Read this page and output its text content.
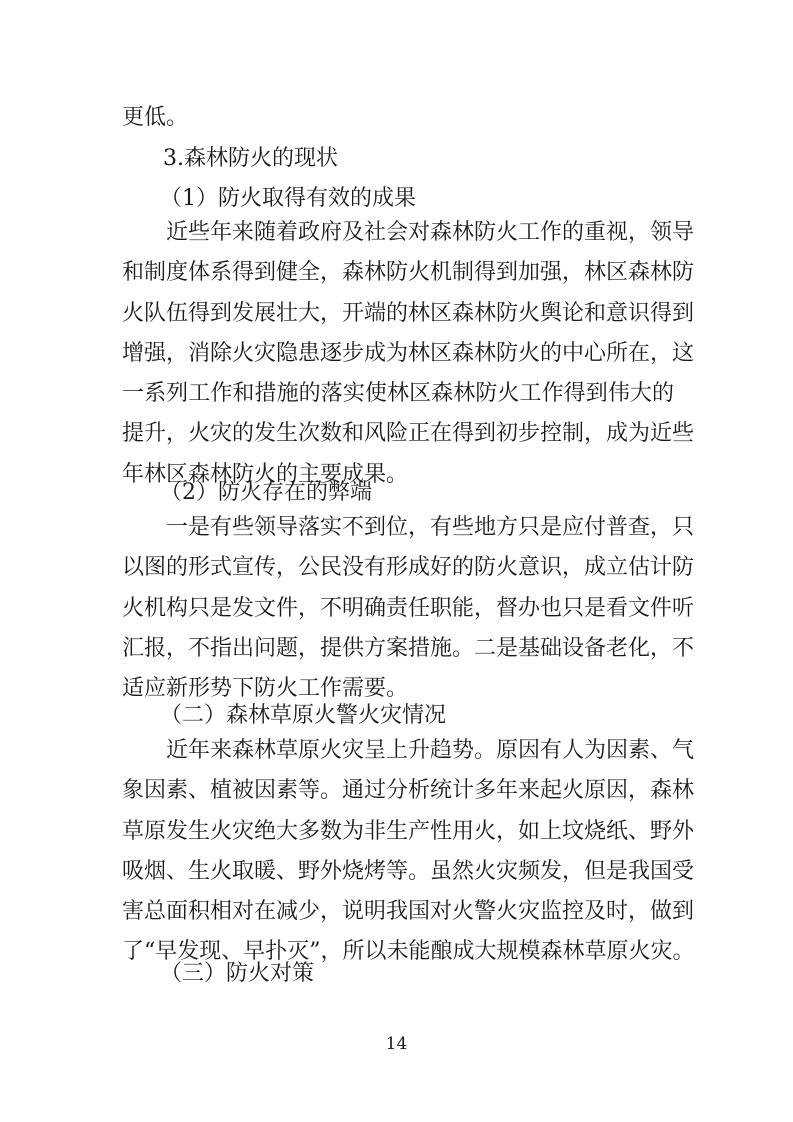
更低。
3.森林防火的现状
（1）防火取得有效的成果
近些年来随着政府及社会对森林防火工作的重视，领导
和制度体系得到健全，森林防火机制得到加强，林区森林防
火队伍得到发展壮大，开端的林区森林防火舆论和意识得到
增强，消除火灾隐患逐步成为林区森林防火的中心所在，这
一系列工作和措施的落实使林区森林防火工作得到伟大的
提升，火灾的发生次数和风险正在得到初步控制，成为近些
年林区森林防火的主要成果。
（2）防火存在的弊端
一是有些领导落实不到位，有些地方只是应付普查，只
以图的形式宣传，公民没有形成好的防火意识，成立估计防
火机构只是发文件，不明确责任职能，督办也只是看文件听
汇报，不指出问题，提供方案措施。二是基础设备老化，不
适应新形势下防火工作需要。
（二）森林草原火警火灾情况
近年来森林草原火灾呈上升趋势。原因有人为因素、气
象因素、植被因素等。通过分析统计多年来起火原因，森林
草原发生火灾绝大多数为非生产性用火，如上坟烧纸、野外
吸烟、生火取暖、野外烧烤等。虽然火灾频发，但是我国受
害总面积相对在减少，说明我国对火警火灾监控及时，做到
了“早发现、早扑灭”，所以未能酿成大规模森林草原火灾。
（三）防火对策
14
